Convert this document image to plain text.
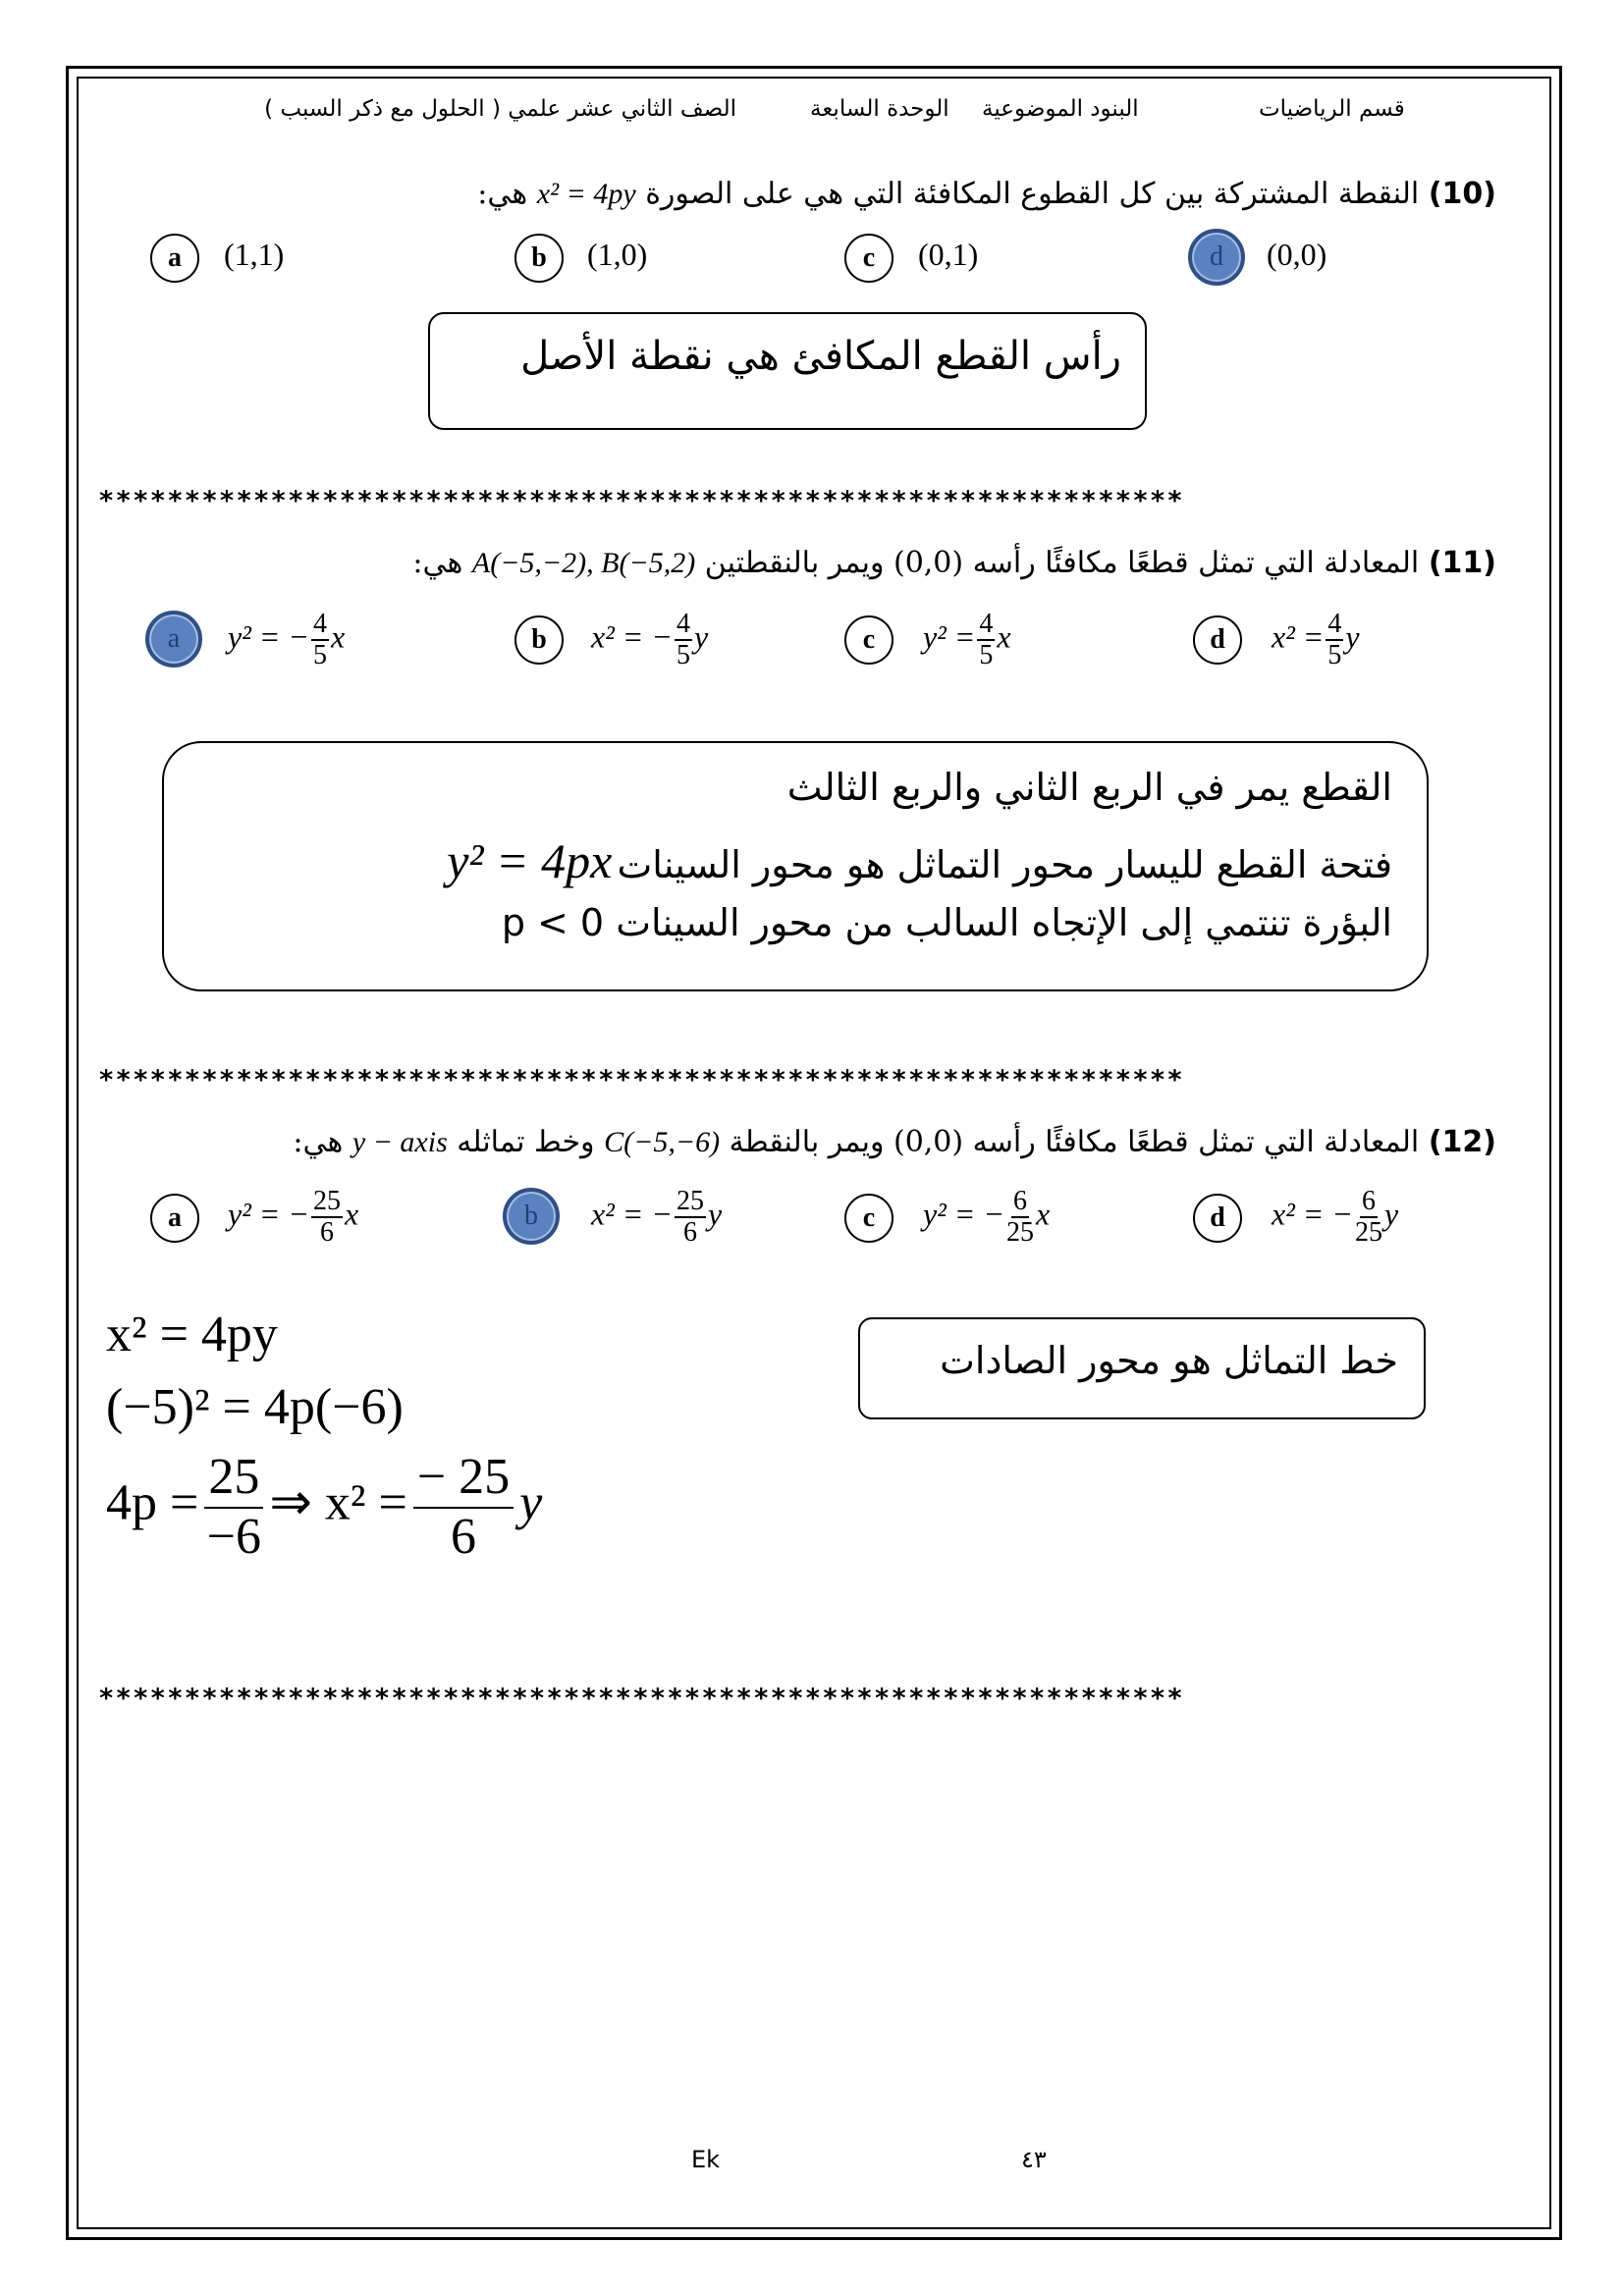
قسم الرياضيات
البنود الموضوعية
الوحدة السابعة
الصف الثاني عشر علمي ( الحلول مع ذكر السبب )
(10) النقطة المشتركة بين كل القطوع المكافئة التي هي على الصورة x² = 4py هي:
a	(1,1)	b	(1,0)	c	(0,1)	d	(0,0)
رأس القطع المكافئ هي نقطة الأصل
***************************************************************
(11) المعادلة التي تمثل قطعًا مكافئًا رأسه (0,0) ويمر بالنقطتين A(−5,−2), B(−5,2) هي:
a	y² = − $\frac{4}{5}$ x	b	x² = − $\frac{4}{5}$ y	c	$y^2 = \frac{4}{5}$ x	d	$x^2 = \frac{4}{5}$ y
القطع يمر في الربع الثاني والربع الثالث
فتحة القطع لليسار محور التماثل هو محور السينات y² = 4px
البؤرة تنتمي إلى الإتجاه السالب من محور السينات p < 0
***************************************************************
(12) المعادلة التي تمثل قطعًا مكافئًا رأسه (0,0) ويمر بالنقطة C(−5,−6) وخط تماثله y − axis هي:
a	y² = − $\frac{25}{6}$ x	b	x² = − $\frac{25}{6}$ y	c	y² = − $\frac{6}{25}$ x	d	x² = − $\frac{6}{25}$ y
خط التماثل هو محور الصادات
x² = 4py
(−5)² = 4p(−6)
$4p = \frac{25}{-6}$ ⇒ $x^2 = \frac{- 25}{6}$ y
***************************************************************
Ek	٤٣
